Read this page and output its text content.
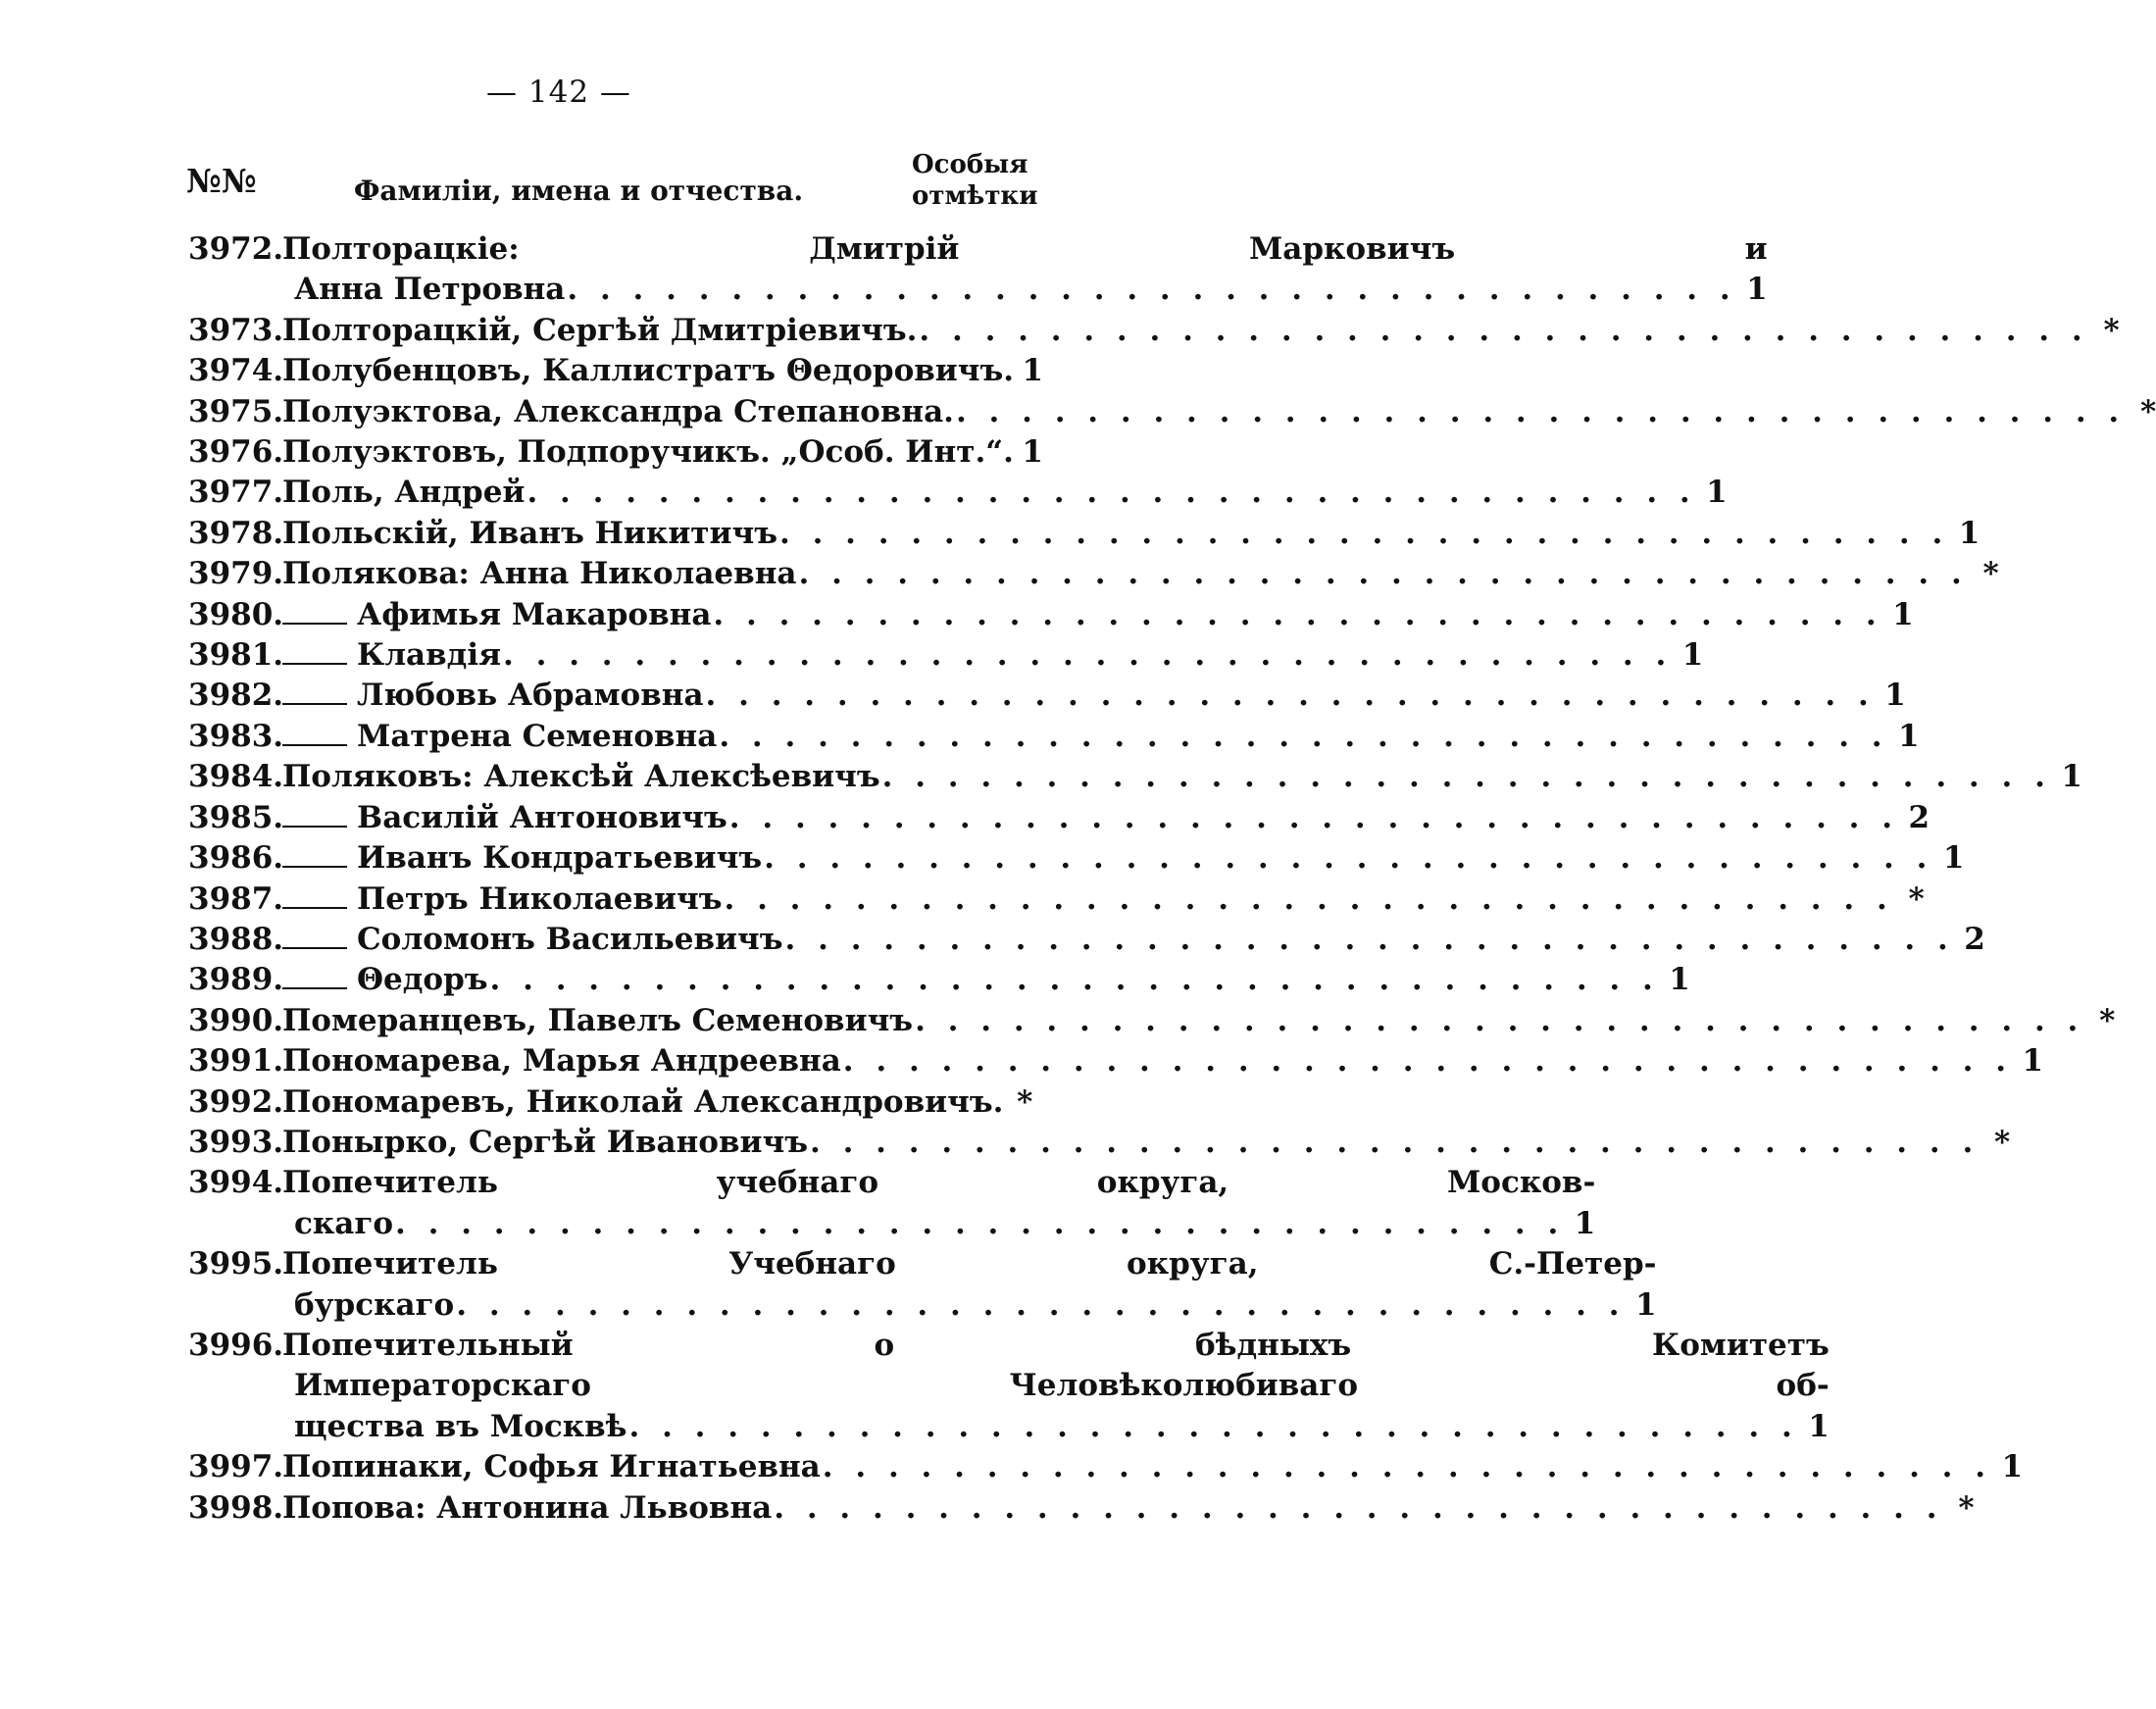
— 142 —
№№	Фамиліи, имена и отчества.
Особыя
отмѣтки
3972.
Полторацкіе: Дмитрій Марковичъ и
Анна Петровна . . .	1
3973.
Полторацкій, Сергѣй Дмитріевичъ. . . .	*
3974.
Полубенцовъ, Каллистратъ Θедоровичъ. 1
3975.
Полуэктова, Александра Степановна. . . .	*
3976.
Полуэктовъ, Подпоручикъ. „Особ. Инт.“. 1
3977.
Поль, Андрей . . .	1
3978.
Польскій, Иванъ Никитичъ . . .	1
3979.
Полякова: Анна Николаевна . . .	*
3980. Афимья Макаровна . . .	1
3981. Клавдія . . .	1
3982. Любовь Абрамовна . . .	1
3983. Матрена Семеновна . . .	1
3984.
Поляковъ: Алексѣй Алексѣевичъ . . .	1
3985. Василій Антоновичъ . . .	2
3986. Иванъ Кондратьевичъ . . .	1
3987. Петръ Николаевичъ . . .	*
3988. Соломонъ Васильевичъ . . .	2
3989. Θедоръ . . .	1
3990.
Померанцевъ, Павелъ Семеновичъ . . .	*
3991.
Пономарева, Марья Андреевна . . .	1
3992.
Пономаревъ, Николай Александровичъ. *
3993.
Понырко, Сергѣй Ивановичъ . . .	*
3994.
Попечитель учебнаго округа, Москов-
скаго . . .	1
3995.
Попечитель Учебнаго округа, С.-Петер-
бурскаго . . .	1
3996.
Попечительный о бѣдныхъ Комитетъ
Императорскаго Человѣколюбиваго об-
щества въ Москвѣ . . .	1
3997.
Попинаки, Софья Игнатьевна . . .	1
3998.
Попова: Антонина Львовна . . .	*
